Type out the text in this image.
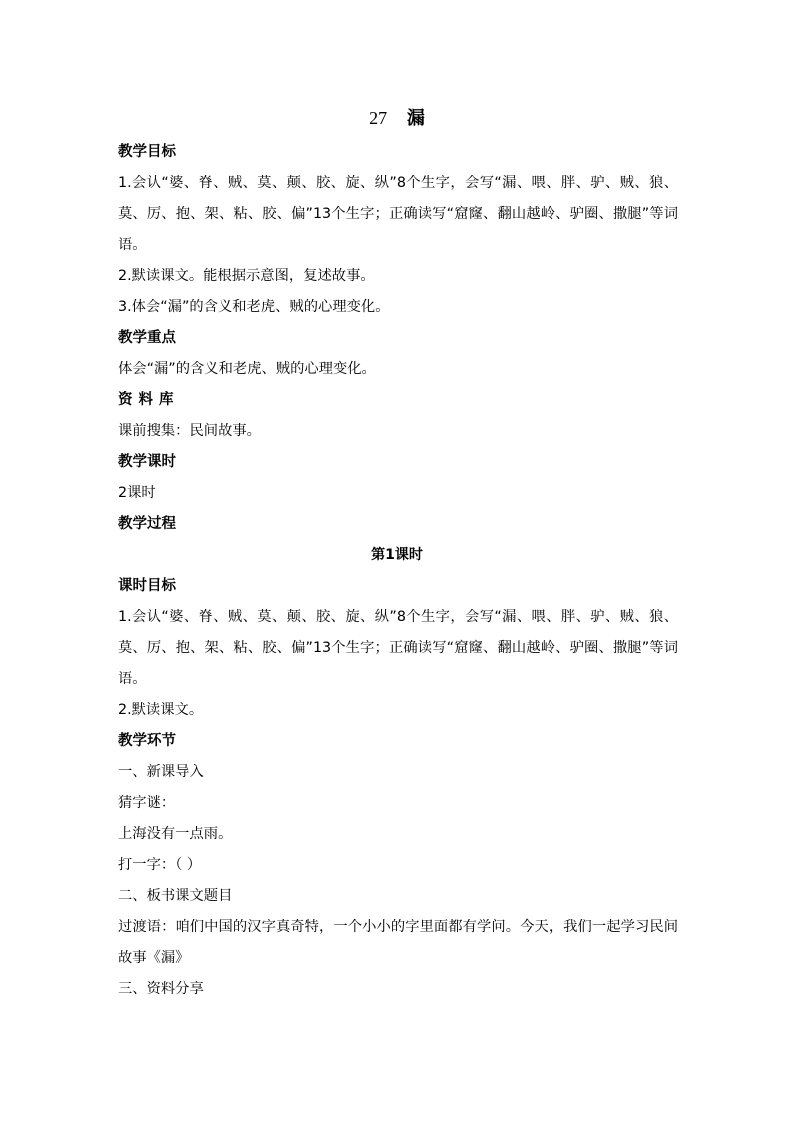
27 漏

教学目标

1.会认“婆、脊、贼、莫、颠、胶、旋、纵”8个生字，会写“漏、喂、胖、驴、贼、狼、莫、厉、抱、架、粘、胶、偏”13个生字；正确读写“窟窿、翻山越岭、驴圈、撒腿”等词语。

2.默读课文。能根据示意图，复述故事。

3.体会“漏”的含义和老虎、贼的心理变化。

教学重点

体会“漏”的含义和老虎、贼的心理变化。

资料库

课前搜集：民间故事。

教学课时

2课时

教学过程

第1课时

课时目标

1.会认“婆、脊、贼、莫、颠、胶、旋、纵”8个生字，会写“漏、喂、胖、驴、贼、狼、莫、厉、抱、架、粘、胶、偏”13个生字；正确读写“窟窿、翻山越岭、驴圈、撒腿”等词语。

2.默读课文。

教学环节

一、新课导入

猜字谜：

上海没有一点雨。

打一字：（ ）

二、板书课文题目

过渡语：咱们中国的汉字真奇特，一个小小的字里面都有学问。今天，我们一起学习民间故事《漏》

三、资料分享
